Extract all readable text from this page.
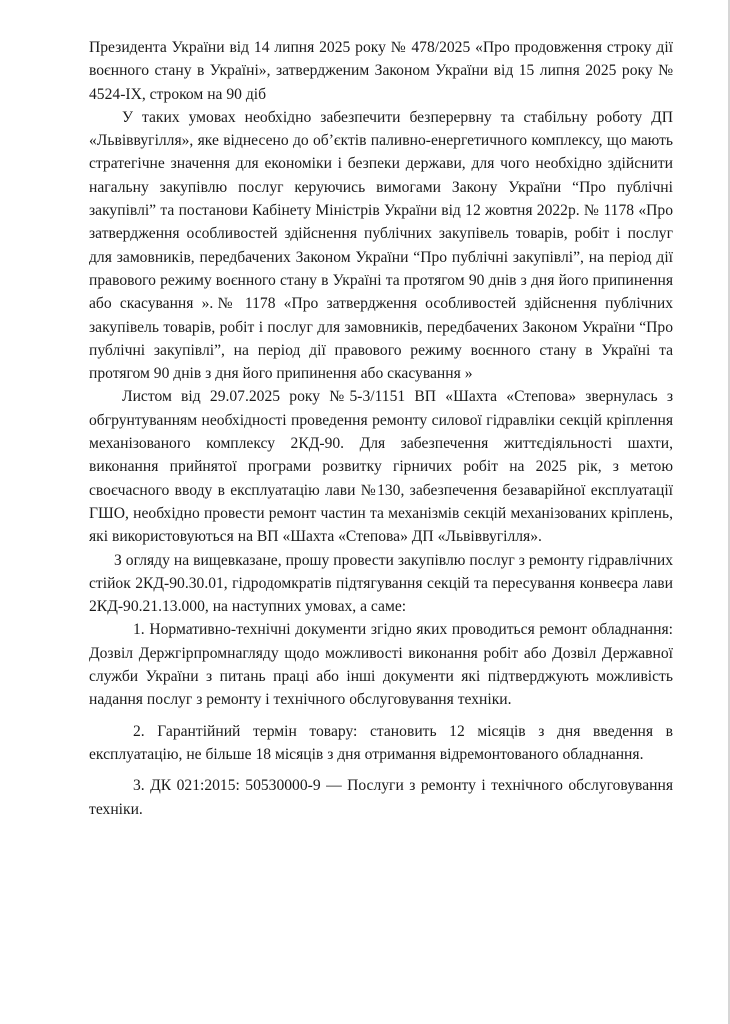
Президента України від 14 липня 2025 року № 478/2025 «Про продовження строку дії воєнного стану в Україні», затвердженим Законом України від 15 липня 2025 року № 4524-IX, строком на 90 діб

У таких умовах необхідно забезпечити безперервну та стабільну роботу ДП «Львіввугілля», яке віднесено до об’єктів паливно-енергетичного комплексу, що мають стратегічне значення для економіки і безпеки держави, для чого необхідно здійснити нагальну закупівлю послуг керуючись вимогами Закону України “Про публічні закупівлі” та постанови Кабінету Міністрів України від 12 жовтня 2022р. № 1178 «Про затвердження особливостей здійснення публічних закупівель товарів, робіт і послуг для замовників, передбачених Законом України “Про публічні закупівлі”, на період дії правового режиму воєнного стану в Україні та протягом 90 днів з дня його припинення або скасування ».№ 1178 «Про затвердження особливостей здійснення публічних закупівель товарів, робіт і послуг для замовників, передбачених Законом України “Про публічні закупівлі”, на період дії правового режиму воєнного стану в Україні та протягом 90 днів з дня його припинення або скасування »

Листом від 29.07.2025 року №5-3/1151 ВП «Шахта «Степова» звернулась з обгрунтуванням необхідності проведення ремонту силової гідравліки секцій кріплення механізованого комплексу 2КД-90. Для забезпечення життєдіяльності шахти, виконання прийнятої програми розвитку гірничих робіт на 2025 рік, з метою своєчасного вводу в експлуатацію лави №130, забезпечення безаварійної експлуатації ГШО, необхідно провести ремонт частин та механізмів секцій механізованих кріплень, які використовуються на ВП «Шахта «Степова» ДП «Львіввугілля».

З огляду на вищевказане, прошу провести закупівлю послуг з ремонту гідравлічних стійок 2КД-90.30.01, гідродомкратів підтягування секцій та пересування конвеєра лави 2КД-90.21.13.000, на наступних умовах, а саме:

1. Нормативно-технічні документи згідно яких проводиться ремонт обладнання: Дозвіл Держгірпромнагляду щодо можливості виконання робіт або Дозвіл Державної служби України з питань праці або інші документи які підтверджують можливість надання послуг з ремонту і технічного обслуговування техніки.

2. Гарантійний термін товару: становить 12 місяців з дня введення в експлуатацію, не більше 18 місяців з дня отримання відремонтованого обладнання.

3. ДК 021:2015: 50530000-9 — Послуги з ремонту і технічного обслуговування техніки.
